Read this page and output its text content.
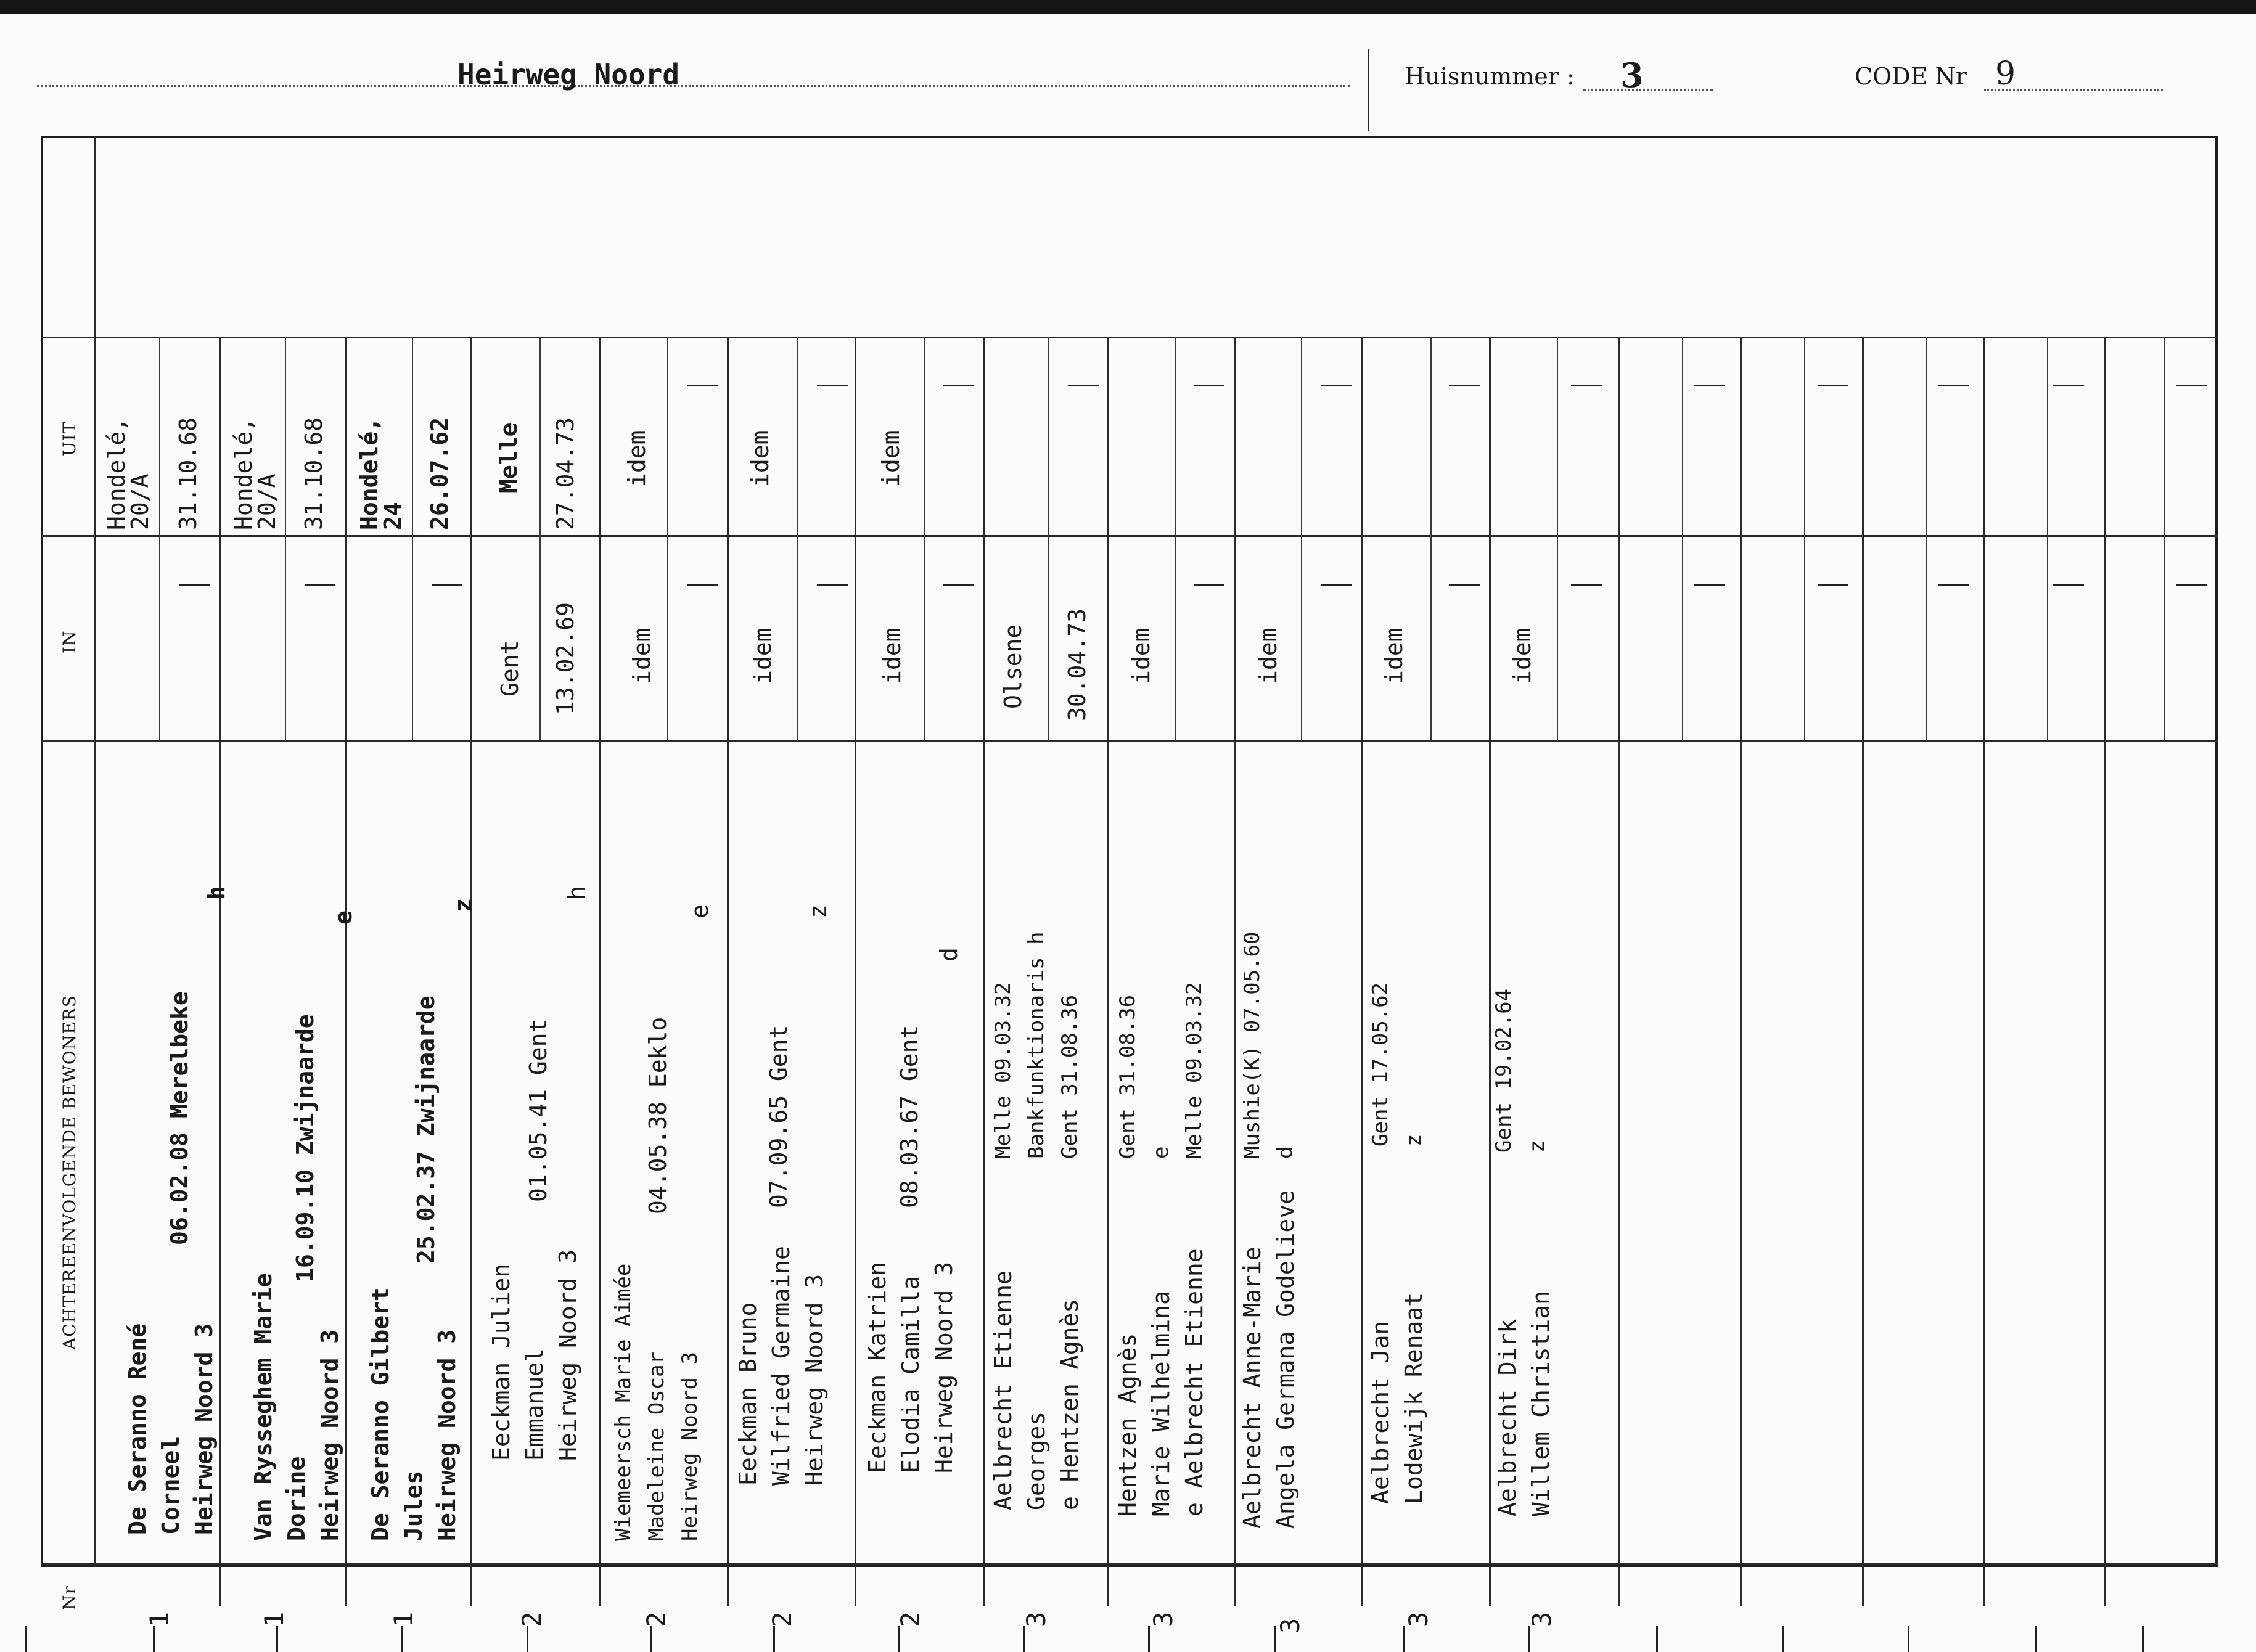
Heirweg Noord	Huisnummer : 3	CODE Nr 9
UIT
IN
ACHTEREENVOLGENDE BEWONERS
Nr
1
De Seranno René Corneel Heirweg Noord 3
06.02.08 Merelbeke
h
Hondelé,
20/A 31.10.68
1
Van Rysseghem Marie Dorine Heirweg Noord 3
16.09.10 Zwijnaarde
e
Hondelé,
20/A 31.10.68
1
De Seranno Gilbert Jules Heirweg Noord 3
25.02.37 Zwijnaarde
z
Hondelé,
24 26.07.62
2
Eeckman Julien Emmanuel Heirweg Noord 3
01.05.41 Gent
h
Gent 13.02.69
Melle 27.04.73
2
Wiemeersch Marie Aimée Madeleine Oscar Heirweg Noord 3
04.05.38 Eeklo
e
idem
idem
2
Eeckman Bruno Wilfried Germaine Heirweg Noord 3
07.09.65 Gent
z
idem
idem
2
Eeckman Katrien Elodia Camilla Heirweg Noord 3
08.03.67 Gent
d
idem
idem
3
Aelbrecht Etienne Georges e Hentzen Agnès
Melle 09.03.32 Bankfunktionaris h Gent 31.08.36
Olsene 30.04.73
3
Hentzen Agnès Marie Wilhelmina e Aelbrecht Etienne
Gent 31.08.36 e Melle 09.03.32
idem
3
Aelbrecht Anne-Marie Angela Germana Godelieve
Mushie(K) 07.05.60 d
idem
3
Aelbrecht Jan Lodewijk Renaat
Gent 17.05.62 z
idem
3
Aelbrecht Dirk Willem Christian
Gent 19.02.64 z
idem
